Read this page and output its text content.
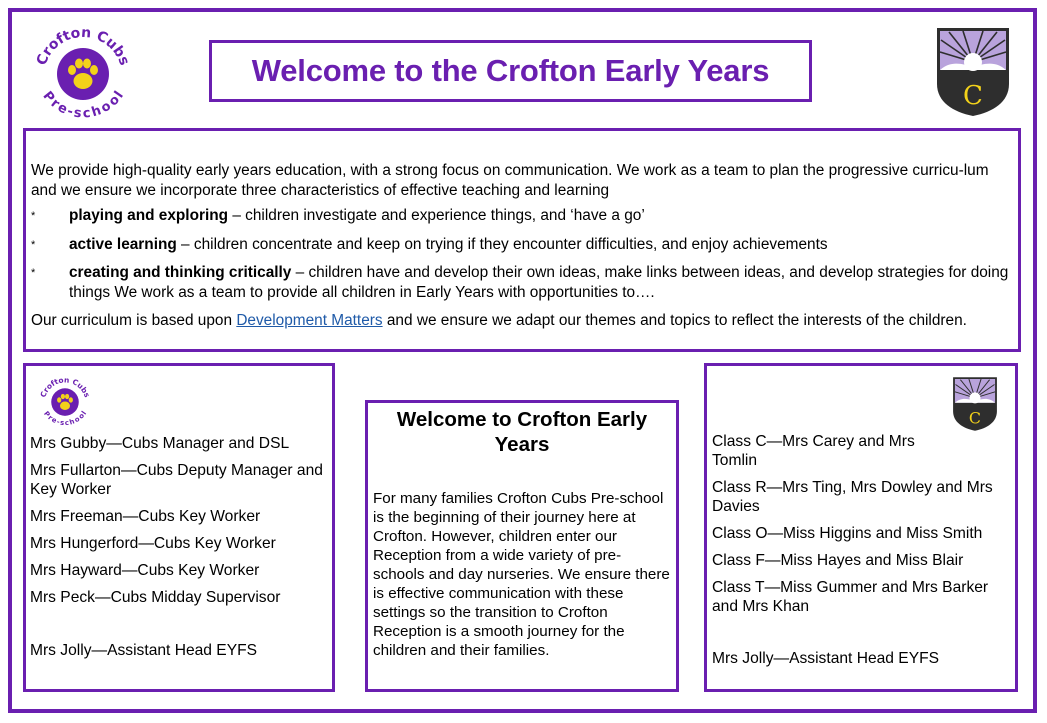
Crofton Cubs
Pre-school
Welcome to the Crofton Early Years
C

We provide high-quality early years education, with a strong focus on communication. We work as a team to plan the progressive curricu-lum and we ensure we incorporate three characteristics of effective teaching and learning

* playing and exploring – children investigate and experience things, and ‘have a go’
* active learning – children concentrate and keep on trying if they encounter difficulties, and enjoy achievements
* creating and thinking critically – children have and develop their own ideas, make links between ideas, and develop strategies for doing things We work as a team to provide all children in Early Years with opportunities to….

Our curriculum is based upon Development Matters and we ensure we adapt our themes and topics to reflect the interests of the children.

Crofton Cubs
Pre-school
Mrs Gubby—Cubs Manager and DSL
Mrs Fullarton—Cubs Deputy Manager and Key Worker
Mrs Freeman—Cubs Key Worker
Mrs Hungerford—Cubs Key Worker
Mrs Hayward—Cubs Key Worker
Mrs Peck—Cubs Midday Supervisor
Mrs Jolly—Assistant Head EYFS
Welcome to Crofton Early Years

For many families Crofton Cubs Pre-school is the beginning of their journey here at Crofton. However, children enter our Reception from a wide variety of pre-schools and day nurseries. We ensure there is effective communication with these settings so the transition to Crofton Reception is a smooth journey for the children and their families.

C
Class C—Mrs Carey and Mrs Tomlin
Class R—Mrs Ting, Mrs Dowley and Mrs Davies
Class O—Miss Higgins and Miss Smith
Class F—Miss Hayes and Miss Blair
Class T—Miss Gummer and Mrs Barker and Mrs Khan
Mrs Jolly—Assistant Head EYFS
